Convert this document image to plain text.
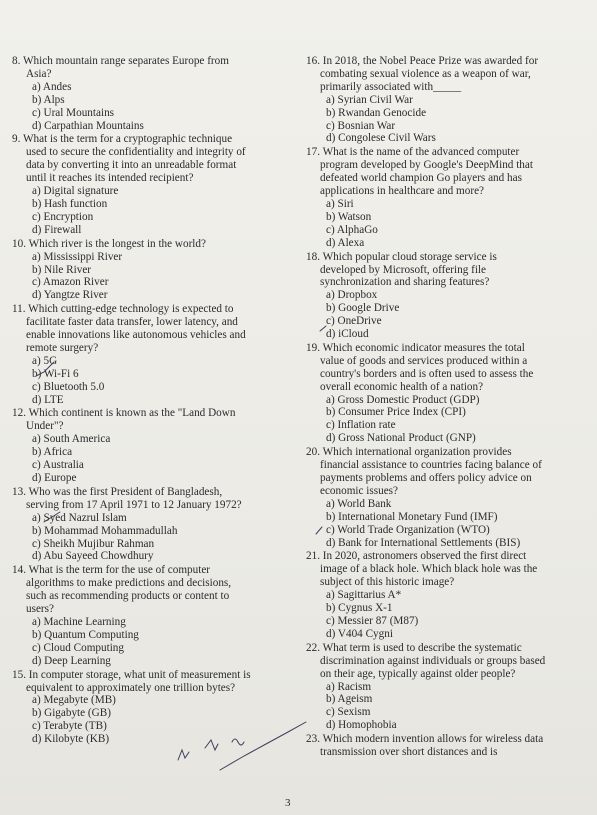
8. Which mountain range separates Europe from
Asia?
a) Andes
b) Alps
c) Ural Mountains
d) Carpathian Mountains
9. What is the term for a cryptographic technique
used to secure the confidentiality and integrity of
data by converting it into an unreadable format
until it reaches its intended recipient?
a) Digital signature
b) Hash function
c) Encryption
d) Firewall
10. Which river is the longest in the world?
a) Mississippi River
b) Nile River
c) Amazon River
d) Yangtze River
11. Which cutting-edge technology is expected to
facilitate faster data transfer, lower latency, and
enable innovations like autonomous vehicles and
remote surgery?
a) 5G
b) Wi-Fi 6
c) Bluetooth 5.0
d) LTE
12. Which continent is known as the "Land Down
Under"?
a) South America
b) Africa
c) Australia
d) Europe
13. Who was the first President of Bangladesh,
serving from 17 April 1971 to 12 January 1972?
a) Syed Nazrul Islam
b) Mohammad Mohammadullah
c) Sheikh Mujibur Rahman
d) Abu Sayeed Chowdhury
14. What is the term for the use of computer
algorithms to make predictions and decisions,
such as recommending products or content to
users?
a) Machine Learning
b) Quantum Computing
c) Cloud Computing
d) Deep Learning
15. In computer storage, what unit of measurement is
equivalent to approximately one trillion bytes?
a) Megabyte (MB)
b) Gigabyte (GB)
c) Terabyte (TB)
d) Kilobyte (KB)
16. In 2018, the Nobel Peace Prize was awarded for
combating sexual violence as a weapon of war,
primarily associated with_____
a) Syrian Civil War
b) Rwandan Genocide
c) Bosnian War
d) Congolese Civil Wars
17. What is the name of the advanced computer
program developed by Google's DeepMind that
defeated world champion Go players and has
applications in healthcare and more?
a) Siri
b) Watson
c) AlphaGo
d) Alexa
18. Which popular cloud storage service is
developed by Microsoft, offering file
synchronization and sharing features?
a) Dropbox
b) Google Drive
c) OneDrive
d) iCloud
19. Which economic indicator measures the total
value of goods and services produced within a
country's borders and is often used to assess the
overall economic health of a nation?
a) Gross Domestic Product (GDP)
b) Consumer Price Index (CPI)
c) Inflation rate
d) Gross National Product (GNP)
20. Which international organization provides
financial assistance to countries facing balance of
payments problems and offers policy advice on
economic issues?
a) World Bank
b) International Monetary Fund (IMF)
c) World Trade Organization (WTO)
d) Bank for International Settlements (BIS)
21. In 2020, astronomers observed the first direct
image of a black hole. Which black hole was the
subject of this historic image?
a) Sagittarius A*
b) Cygnus X-1
c) Messier 87 (M87)
d) V404 Cygni
22. What term is used to describe the systematic
discrimination against individuals or groups based
on their age, typically against older people?
a) Racism
b) Ageism
c) Sexism
d) Homophobia
23. Which modern invention allows for wireless data
transmission over short distances and is
3
